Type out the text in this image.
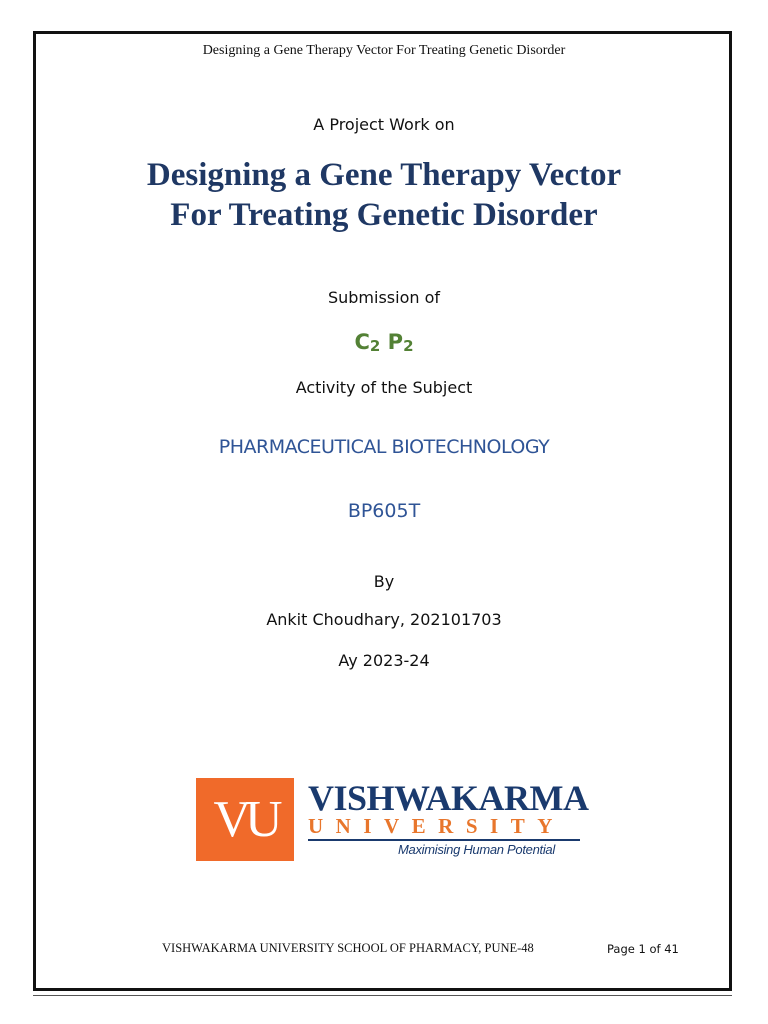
Designing a Gene Therapy Vector For Treating Genetic Disorder
A Project Work on
Designing a Gene Therapy Vector
For Treating Genetic Disorder
Submission of
$C_2$ $P_2$
Activity of the Subject
PHARMACEUTICAL BIOTECHNOLOGY
BP605T
By
Ankit Choudhary, 202101703
Ay 2023-24
VU VISHWAKARMA
UNIVERSITY
Maximising Human Potential
VISHWAKARMA UNIVERSITY SCHOOL OF PHARMACY, PUNE-48	Page 1 of 41
